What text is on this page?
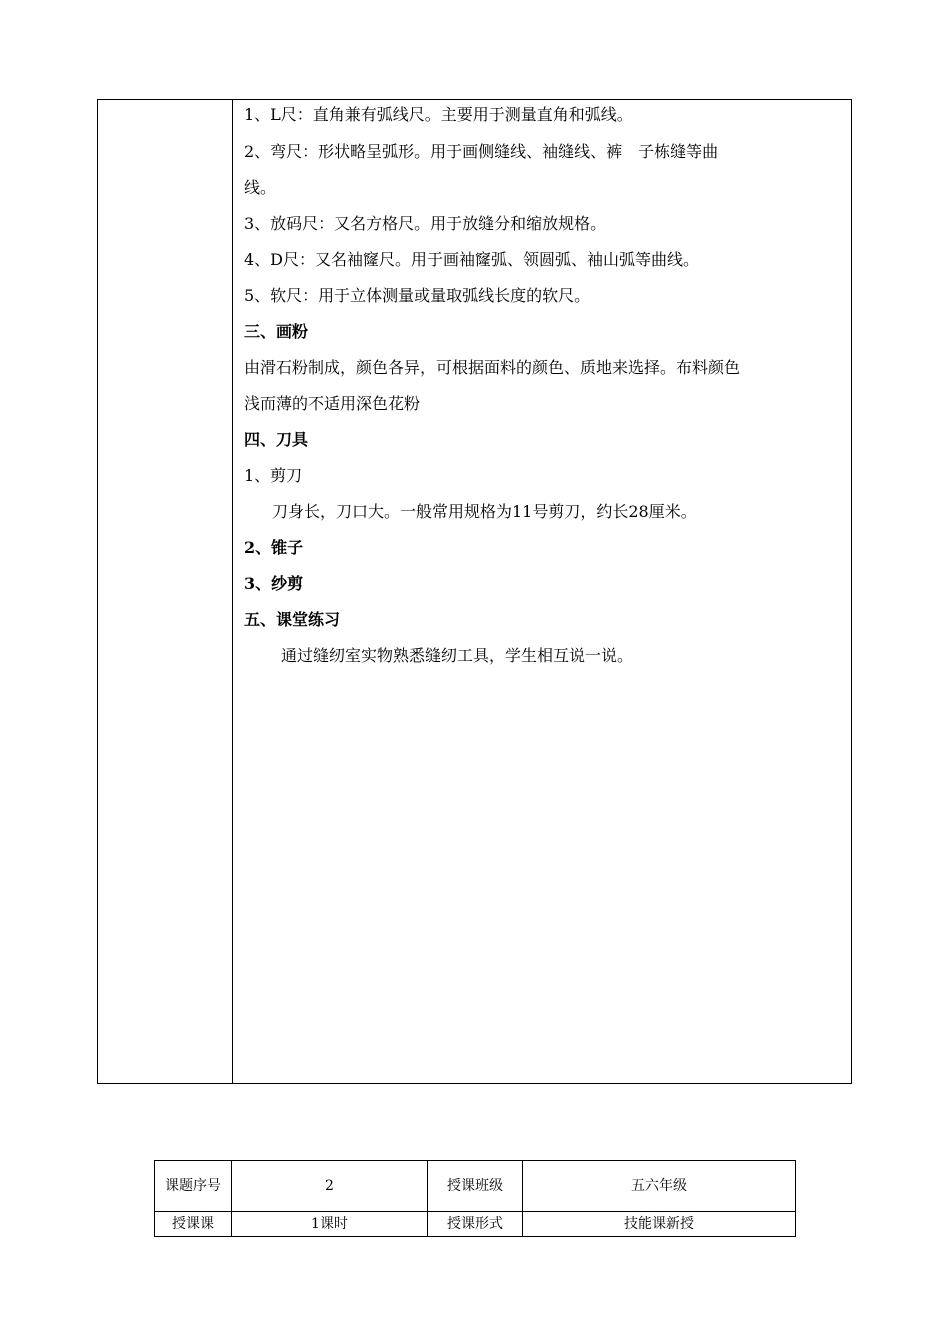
1、L尺：直角兼有弧线尺。主要用于测量直角和弧线。
2、弯尺：形状略呈弧形。用于画侧缝线、袖缝线、裤　子栋缝等曲
线。
3、放码尺：又名方格尺。用于放缝分和缩放规格。
4、D尺：又名袖窿尺。用于画袖窿弧、领圆弧、袖山弧等曲线。
5、软尺：用于立体测量或量取弧线长度的软尺。
三、画粉
由滑石粉制成，颜色各异，可根据面料的颜色、质地来选择。布料颜色
浅而薄的不适用深色花粉
四、刀具
1、剪刀
刀身长，刀口大。一般常用规格为11号剪刀，约长28厘米。
2、锥子
3、纱剪
五、课堂练习
通过缝纫室实物熟悉缝纫工具，学生相互说一说。
课题序号	2	授课班级	五六年级
授课课	1课时	授课形式	技能课新授
